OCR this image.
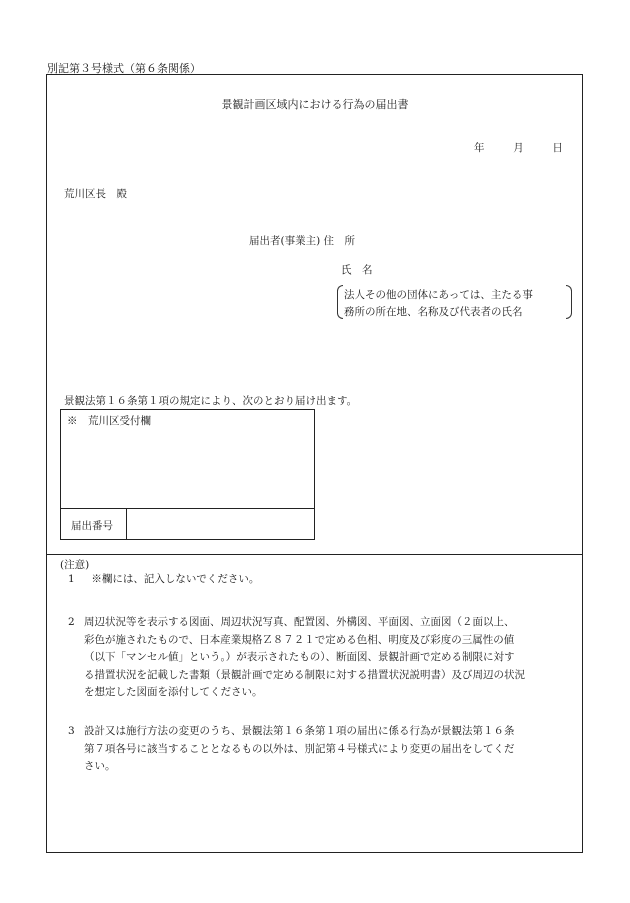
別記第３号様式（第６条関係）
景観計画区域内における行為の届出書
年	月	日
荒川区長　殿
届出者(事業主) 住　所
氏　名
法人その他の団体にあっては、主たる事
務所の所在地、名称及び代表者の氏名
景観法第１６条第１項の規定により、次のとおり届け出ます。
※　荒川区受付欄
届出番号
(注意)
1 ※欄には、記入しないでください。
2 周辺状況等を表示する図面、周辺状況写真、配置図、外構図、平面図、立面図（２面以上、
彩色が施されたもので、日本産業規格Ｚ８７２１で定める色相、明度及び彩度の三属性の値
（以下「マンセル値」という。）が表示されたもの）、断面図、景観計画で定める制限に対す
る措置状況を記載した書類（景観計画で定める制限に対する措置状況説明書）及び周辺の状況
を想定した図面を添付してください。
3 設計又は施行方法の変更のうち、景観法第１６条第１項の届出に係る行為が景観法第１６条
第７項各号に該当することとなるもの以外は、別記第４号様式により変更の届出をしてくだ
さい。
